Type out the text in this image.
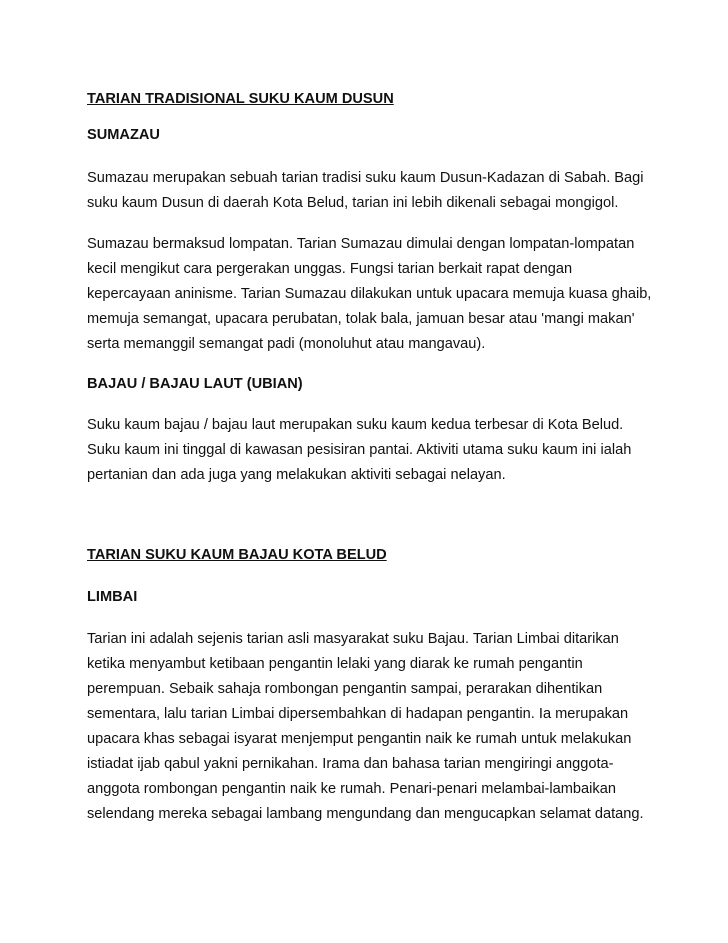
TARIAN TRADISIONAL SUKU KAUM DUSUN

SUMAZAU

Sumazau merupakan sebuah tarian tradisi suku kaum Dusun-Kadazan di Sabah. Bagi

suku kaum Dusun di daerah Kota Belud, tarian ini lebih dikenali sebagai mongigol.

Sumazau bermaksud lompatan. Tarian Sumazau dimulai dengan lompatan-lompatan

kecil mengikut cara pergerakan unggas. Fungsi tarian berkait rapat dengan

kepercayaan aninisme. Tarian Sumazau dilakukan untuk upacara memuja kuasa ghaib,

memuja semangat, upacara perubatan, tolak bala, jamuan besar atau 'mangi makan'

serta memanggil semangat padi (monoluhut atau mangavau).

BAJAU / BAJAU LAUT (UBIAN)

Suku kaum bajau / bajau laut merupakan suku kaum kedua terbesar di Kota Belud.

Suku kaum ini tinggal di kawasan pesisiran pantai. Aktiviti utama suku kaum ini ialah

pertanian dan ada juga yang melakukan aktiviti sebagai nelayan.

TARIAN SUKU KAUM BAJAU KOTA BELUD

LIMBAI

Tarian ini adalah sejenis tarian asli masyarakat suku Bajau. Tarian Limbai ditarikan

ketika menyambut ketibaan pengantin lelaki yang diarak ke rumah pengantin

perempuan. Sebaik sahaja rombongan pengantin sampai, perarakan dihentikan

sementara, lalu tarian Limbai dipersembahkan di hadapan pengantin. Ia merupakan

upacara khas sebagai isyarat menjemput pengantin naik ke rumah untuk melakukan

istiadat ijab qabul yakni pernikahan. Irama dan bahasa tarian mengiringi anggota-

anggota rombongan pengantin naik ke rumah. Penari-penari melambai-lambaikan

selendang mereka sebagai lambang mengundang dan mengucapkan selamat datang.
